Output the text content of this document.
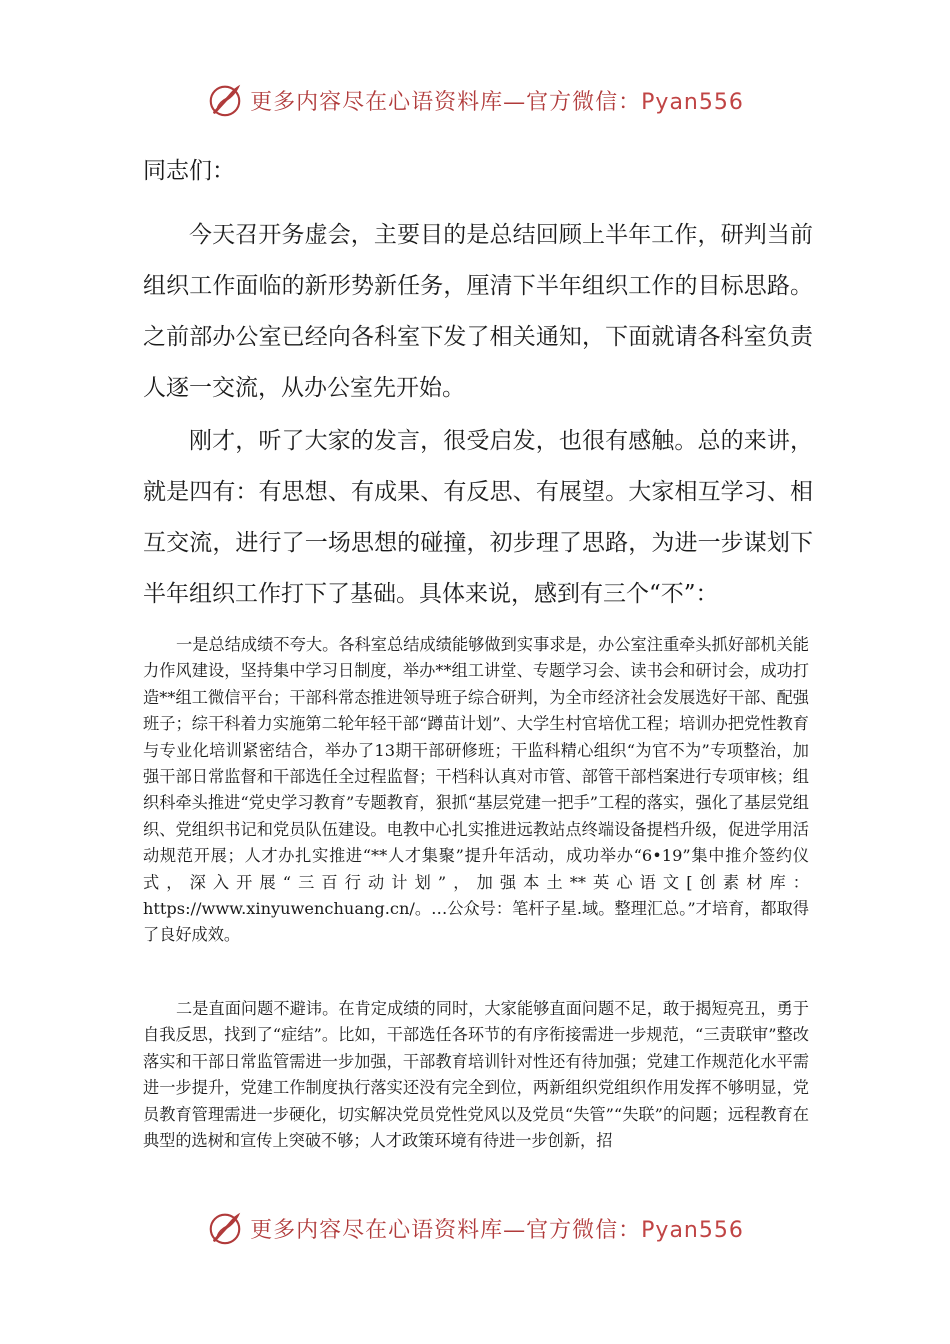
更多内容尽在心语资料库—官方微信：Pyan556

同志们：

今天召开务虚会，主要目的是总结回顾上半年工作，研判当前组织工作面临的新形势新任务，厘清下半年组织工作的目标思路。之前部办公室已经向各科室下发了相关通知，下面就请各科室负责人逐一交流，从办公室先开始。

刚才，听了大家的发言，很受启发，也很有感触。总的来讲，就是四有：有思想、有成果、有反思、有展望。大家相互学习、相互交流，进行了一场思想的碰撞，初步理了思路，为进一步谋划下半年组织工作打下了基础。具体来说，感到有三个“不”：

一是总结成绩不夸大。各科室总结成绩能够做到实事求是，办公室注重牵头抓好部机关能力作风建设，坚持集中学习日制度，举办**组工讲堂、专题学习会、读书会和研讨会，成功打造**组工微信平台；干部科常态推进领导班子综合研判，为全市经济社会发展选好干部、配强班子；综干科着力实施第二轮年轻干部“蹲苗计划”、大学生村官培优工程；培训办把党性教育与专业化培训紧密结合，举办了13期干部研修班；干监科精心组织“为官不为”专项整治，加强干部日常监督和干部选任全过程监督；干档科认真对市管、部管干部档案进行专项审核；组织科牵头推进“党史学习教育”专题教育，狠抓“基层党建一把手”工程的落实，强化了基层党组织、党组织书记和党员队伍建设。电教中心扎实推进远教站点终端设备提档升级，促进学用活动规范开展；人才办扎实推进“**人才集聚”提升年活动，成功举办“6•19”集中推介签约仪式，深入开展“三百行动计划”，加强本土**英心语文[创素材库：https://www.xinyuwenchuang.cn/。…公众号：笔杆子星.域。整理汇总。”才培育，都取得了良好成效。

二是直面问题不避讳。在肯定成绩的同时，大家能够直面问题不足，敢于揭短亮丑，勇于自我反思，找到了“症结”。比如，干部选任各环节的有序衔接需进一步规范，“三责联审”整改落实和干部日常监管需进一步加强，干部教育培训针对性还有待加强；党建工作规范化水平需进一步提升，党建工作制度执行落实还没有完全到位，两新组织党组织作用发挥不够明显，党员教育管理需进一步硬化，切实解决党员党性党风以及党员“失管”“失联”的问题；远程教育在典型的选树和宣传上突破不够；人才政策环境有待进一步创新，招

更多内容尽在心语资料库—官方微信：Pyan556
